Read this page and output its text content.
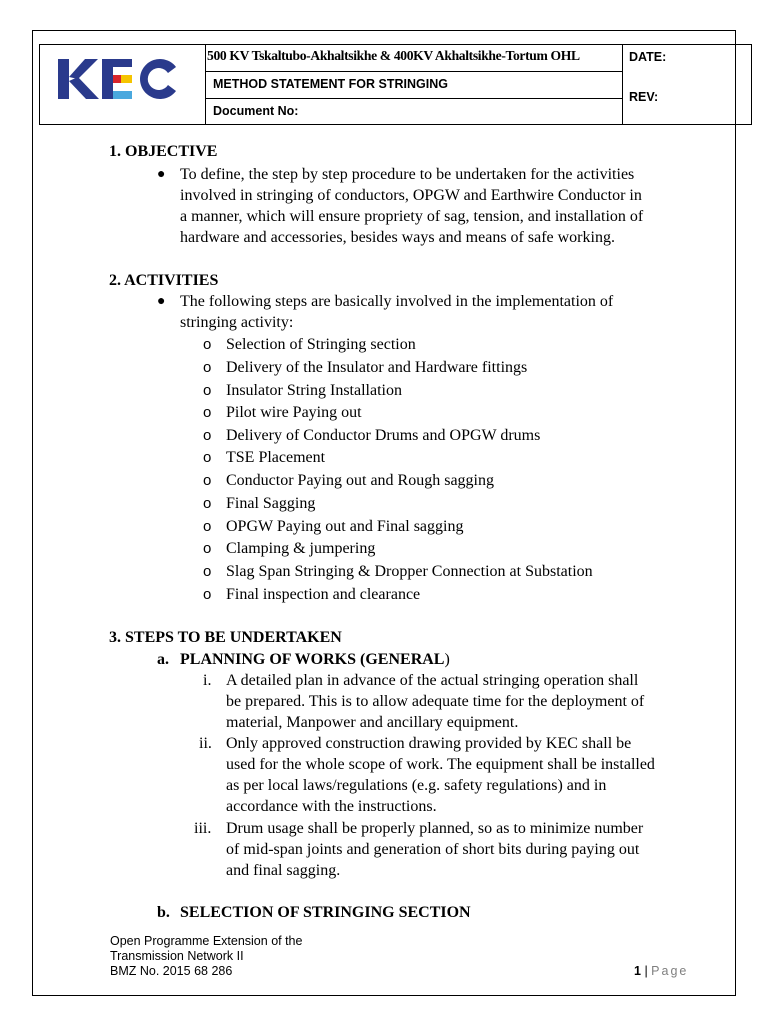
500 KV Tskaltubo-Akhaltsikhe & 400KV Akhaltsikhe-Tortum OHL
METHOD STATEMENT FOR STRINGING
Document No:
DATE:
REV:
1. OBJECTIVE
● To define, the step by step procedure to be undertaken for the activities
involved in stringing of conductors, OPGW and Earthwire Conductor in
a manner, which will ensure propriety of sag, tension, and installation of
hardware and accessories, besides ways and means of safe working.
2. ACTIVITIES
● The following steps are basically involved in the implementation of
stringing activity:
o Selection of Stringing section
o Delivery of the Insulator and Hardware fittings
o Insulator String Installation
o Pilot wire Paying out
o Delivery of Conductor Drums and OPGW drums
o TSE Placement
o Conductor Paying out and Rough sagging
o Final Sagging
o OPGW Paying out and Final sagging
o Clamping & jumpering
o Slag Span Stringing & Dropper Connection at Substation
o Final inspection and clearance
3. STEPS TO BE UNDERTAKEN
a. PLANNING OF WORKS (GENERAL)
i. A detailed plan in advance of the actual stringing operation shall
be prepared. This is to allow adequate time for the deployment of
material, Manpower and ancillary equipment.
ii. Only approved construction drawing provided by KEC shall be
used for the whole scope of work. The equipment shall be installed
as per local laws/regulations (e.g. safety regulations) and in
accordance with the instructions.
iii. Drum usage shall be properly planned, so as to minimize number
of mid-span joints and generation of short bits during paying out
and final sagging.
b. SELECTION OF STRINGING SECTION
Open Programme Extension of the
Transmission Network II
BMZ No. 2015 68 286	1 | Page
